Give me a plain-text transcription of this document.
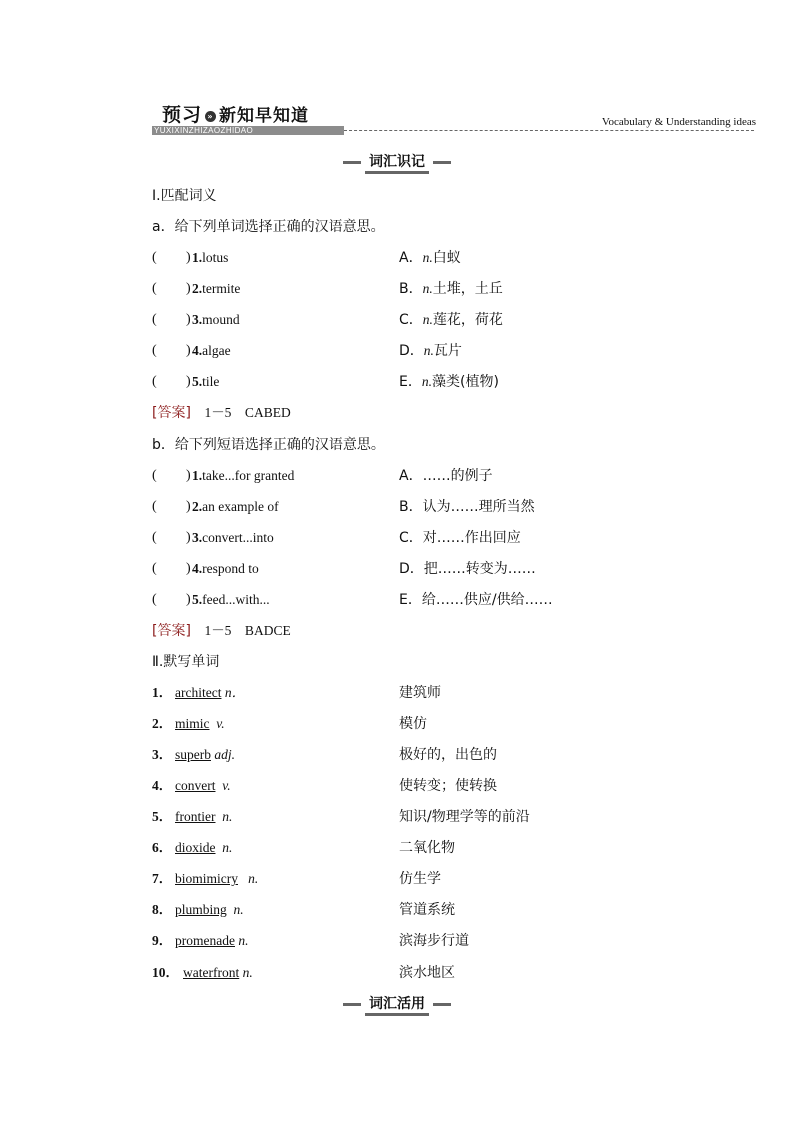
预习 » 新知早知道
YUXIXINZHIZAOZHIDAO
Vocabulary & Understanding ideas
词汇识记
Ⅰ.匹配词义
a．给下列单词选择正确的汉语意思。
( ) 1.lotus	A．n.白蚁
( ) 2.termite	B．n.土堆，土丘
( ) 3.mound	C．n.莲花，荷花
( ) 4.algae	D．n.瓦片
( ) 5.tile	E．n.藻类(植物)
[答案] 1－5　CABED
b．给下列短语选择正确的汉语意思。
( ) 1.take...for granted	A．……的例子
( ) 2.an example of	B．认为……理所当然
( ) 3.convert...into	C．对……作出回应
( ) 4.respond to	D．把……转变为……
( ) 5.feed...with...	E．给……供应/供给……
[答案] 1－5　BADCE
Ⅱ.默写单词
1． architect n．	建筑师
2． mimic v.	模仿
3． superb adj.	极好的，出色的
4． convert v.	使转变；使转换
5． frontier n.	知识/物理学等的前沿
6． dioxide n.	二氧化物
7． biomimicry n.	仿生学
8． plumbing n.	管道系统
9． promenade n.	滨海步行道
10． waterfront n.	滨水地区
词汇活用
